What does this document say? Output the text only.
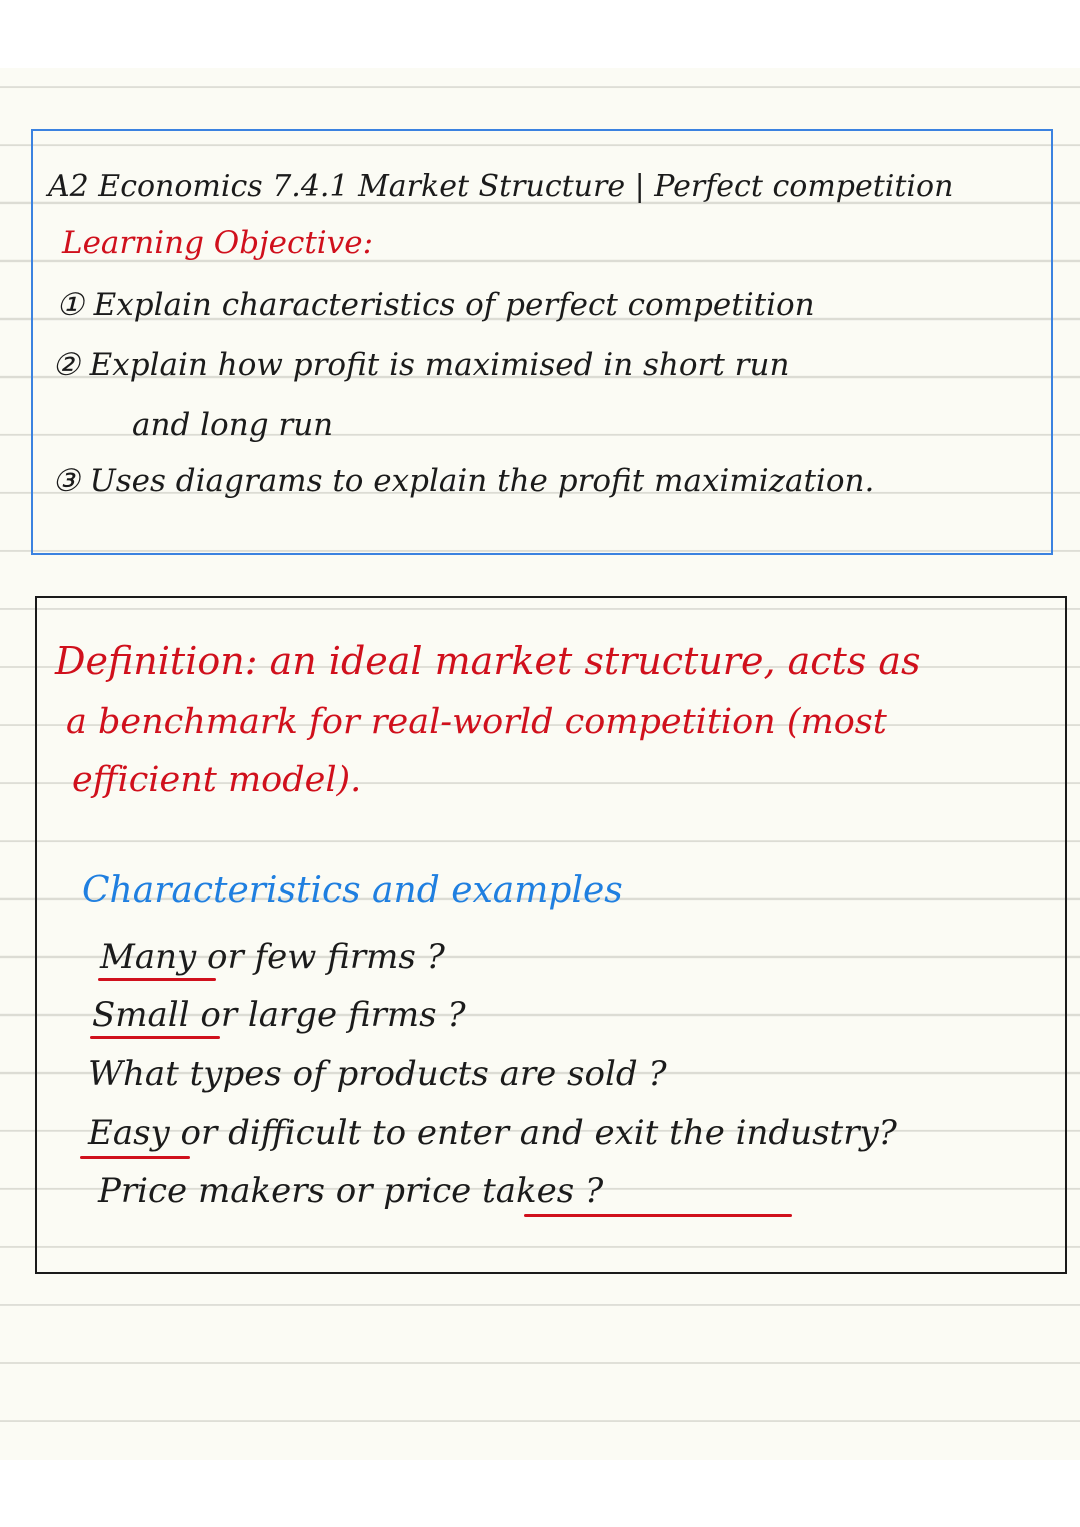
A2 Economics 7.4.1 Market Structure | Perfect competition

Learning Objective:

① Explain characteristics of perfect competition

② Explain how profit is maximised in short run

and long run

③ Uses diagrams to explain the profit maximization.

Definition: an ideal market structure, acts as

a benchmark for real-world competition (most

efficient model).

Characteristics and examples

Many or few firms ?

Small or large firms ?

What types of products are sold ?

Easy or difficult to enter and exit the industry?

Price makers or price takes ?
